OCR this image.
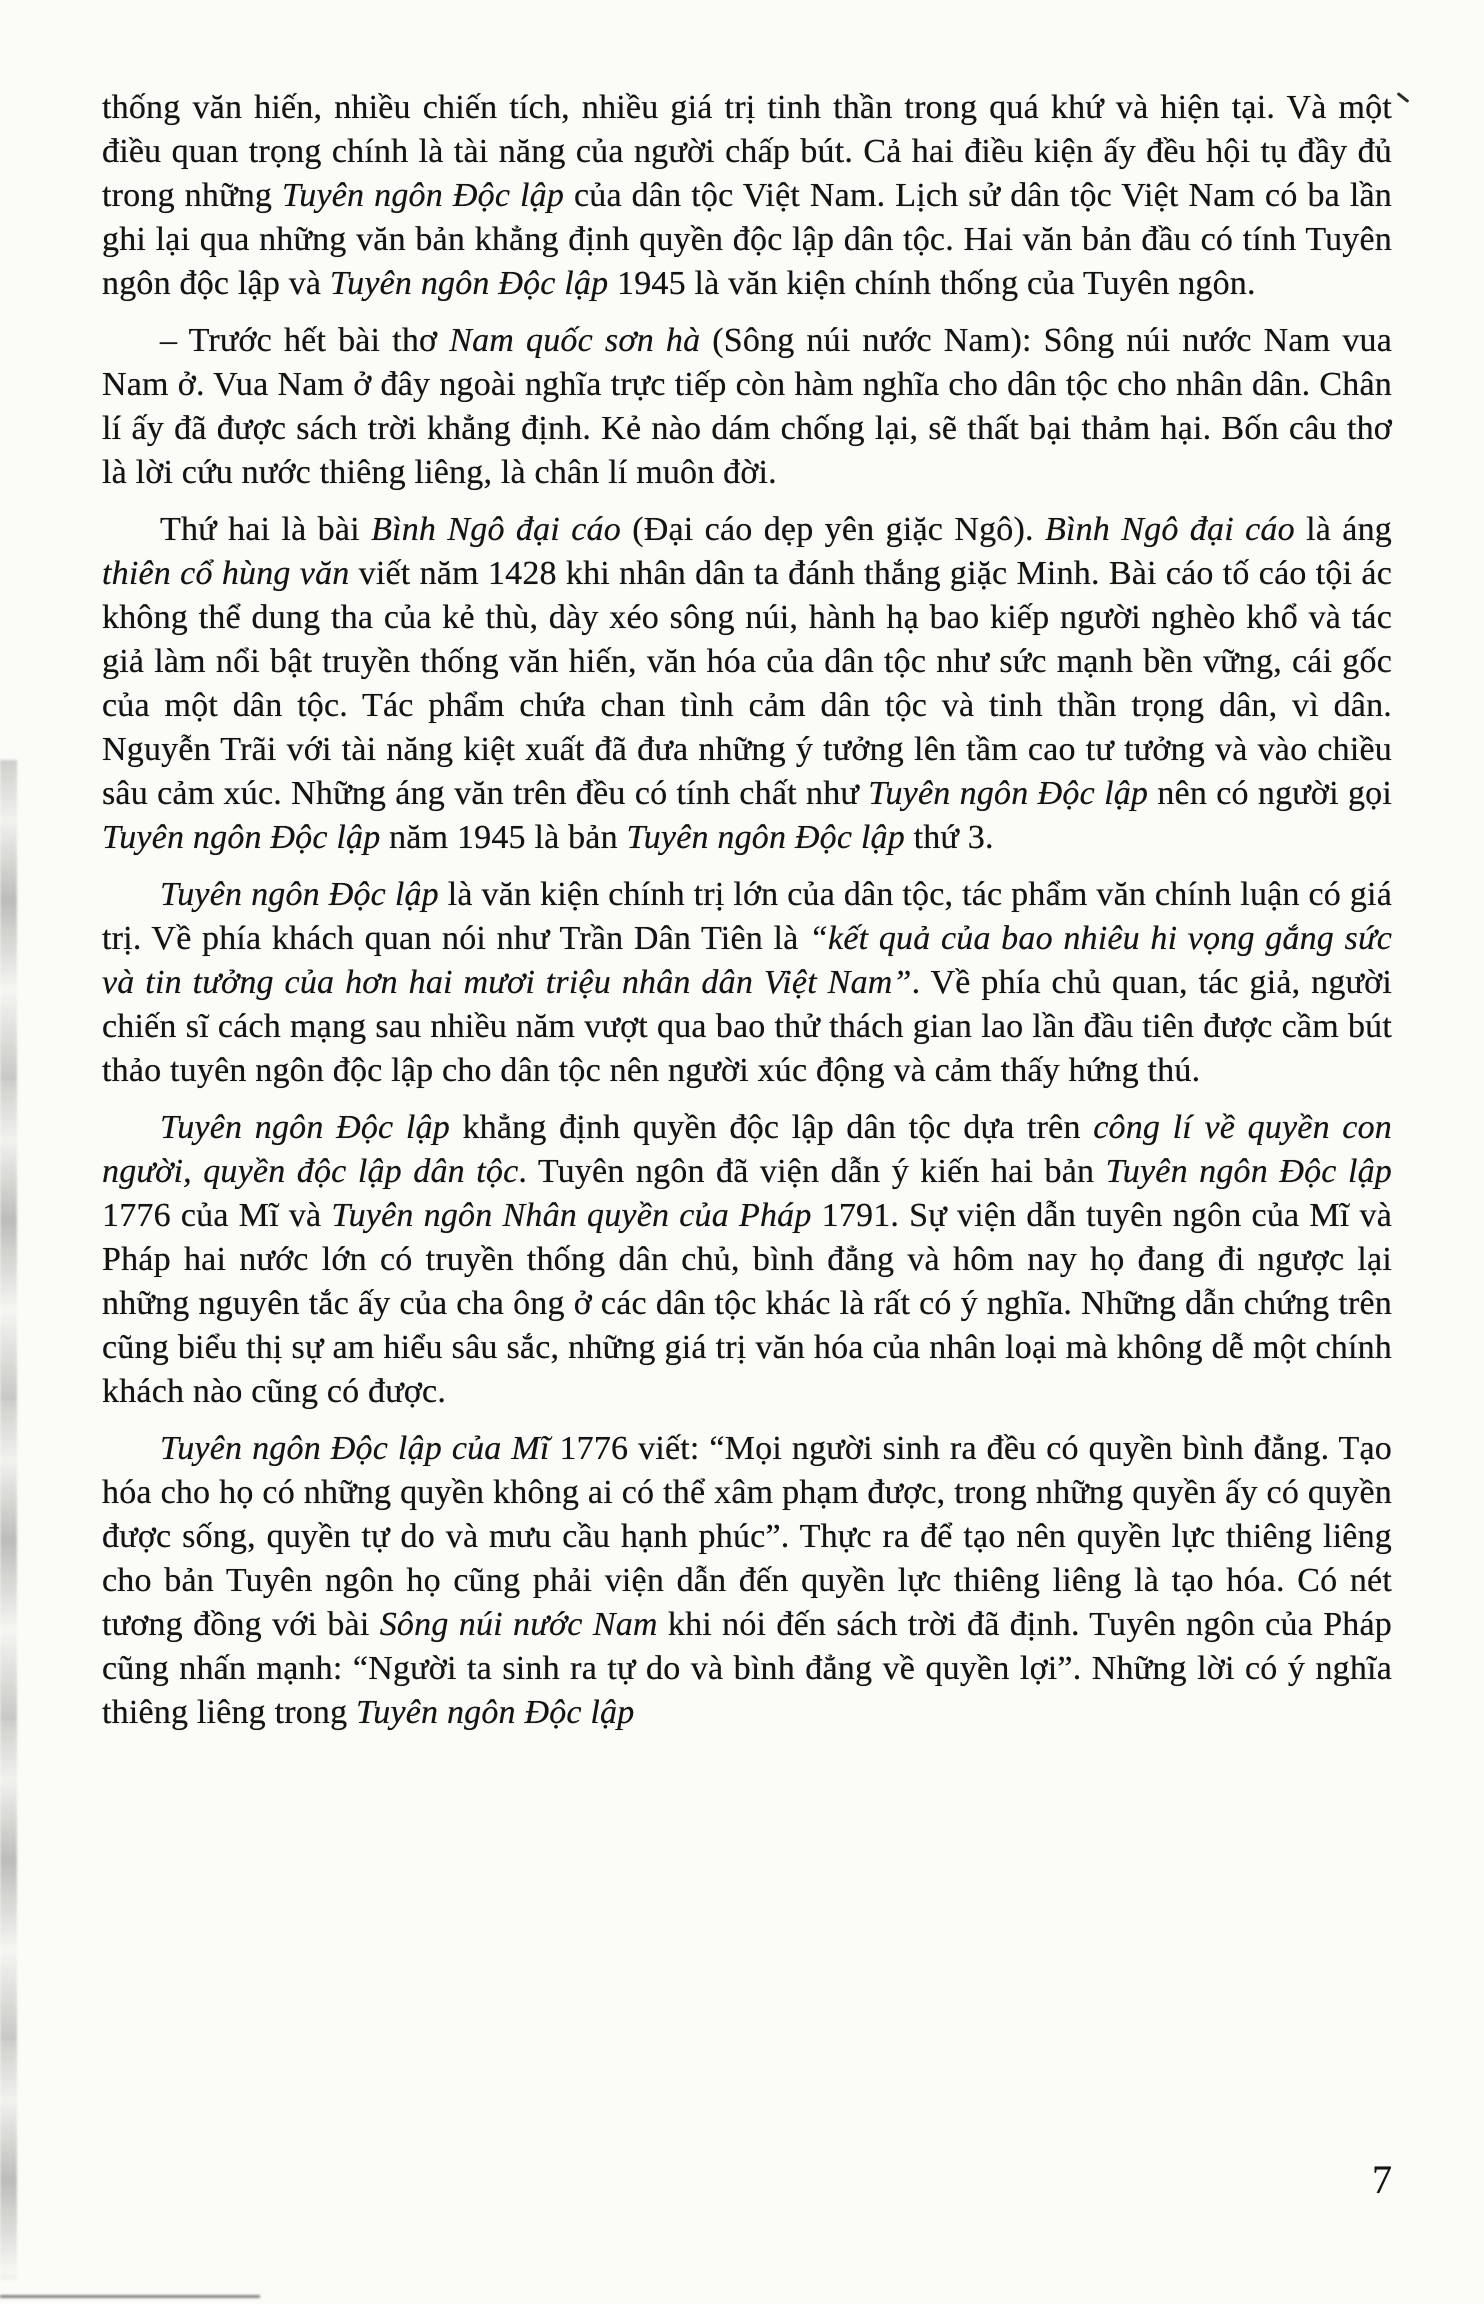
thống văn hiến, nhiều chiến tích, nhiều giá trị tinh thần trong quá khứ và hiện tại. Và một điều quan trọng chính là tài năng của người chấp bút. Cả hai điều kiện ấy đều hội tụ đầy đủ trong những Tuyên ngôn Độc lập của dân tộc Việt Nam. Lịch sử dân tộc Việt Nam có ba lần ghi lại qua những văn bản khẳng định quyền độc lập dân tộc. Hai văn bản đầu có tính Tuyên ngôn độc lập và Tuyên ngôn Độc lập 1945 là văn kiện chính thống của Tuyên ngôn.

– Trước hết bài thơ Nam quốc sơn hà (Sông núi nước Nam): Sông núi nước Nam vua Nam ở. Vua Nam ở đây ngoài nghĩa trực tiếp còn hàm nghĩa cho dân tộc cho nhân dân. Chân lí ấy đã được sách trời khẳng định. Kẻ nào dám chống lại, sẽ thất bại thảm hại. Bốn câu thơ là lời cứu nước thiêng liêng, là chân lí muôn đời.

Thứ hai là bài Bình Ngô đại cáo (Đại cáo dẹp yên giặc Ngô). Bình Ngô đại cáo là áng thiên cổ hùng văn viết năm 1428 khi nhân dân ta đánh thắng giặc Minh. Bài cáo tố cáo tội ác không thể dung tha của kẻ thù, dày xéo sông núi, hành hạ bao kiếp người nghèo khổ và tác giả làm nổi bật truyền thống văn hiến, văn hóa của dân tộc như sức mạnh bền vững, cái gốc của một dân tộc. Tác phẩm chứa chan tình cảm dân tộc và tinh thần trọng dân, vì dân. Nguyễn Trãi với tài năng kiệt xuất đã đưa những ý tưởng lên tầm cao tư tưởng và vào chiều sâu cảm xúc. Những áng văn trên đều có tính chất như Tuyên ngôn Độc lập nên có người gọi Tuyên ngôn Độc lập năm 1945 là bản Tuyên ngôn Độc lập thứ 3.

Tuyên ngôn Độc lập là văn kiện chính trị lớn của dân tộc, tác phẩm văn chính luận có giá trị. Về phía khách quan nói như Trần Dân Tiên là “kết quả của bao nhiêu hi vọng gắng sức và tin tưởng của hơn hai mươi triệu nhân dân Việt Nam”. Về phía chủ quan, tác giả, người chiến sĩ cách mạng sau nhiều năm vượt qua bao thử thách gian lao lần đầu tiên được cầm bút thảo tuyên ngôn độc lập cho dân tộc nên người xúc động và cảm thấy hứng thú.

Tuyên ngôn Độc lập khẳng định quyền độc lập dân tộc dựa trên công lí về quyền con người, quyền độc lập dân tộc. Tuyên ngôn đã viện dẫn ý kiến hai bản Tuyên ngôn Độc lập 1776 của Mĩ và Tuyên ngôn Nhân quyền của Pháp 1791. Sự viện dẫn tuyên ngôn của Mĩ và Pháp hai nước lớn có truyền thống dân chủ, bình đẳng và hôm nay họ đang đi ngược lại những nguyên tắc ấy của cha ông ở các dân tộc khác là rất có ý nghĩa. Những dẫn chứng trên cũng biểu thị sự am hiểu sâu sắc, những giá trị văn hóa của nhân loại mà không dễ một chính khách nào cũng có được.

Tuyên ngôn Độc lập của Mĩ 1776 viết: “Mọi người sinh ra đều có quyền bình đẳng. Tạo hóa cho họ có những quyền không ai có thể xâm phạm được, trong những quyền ấy có quyền được sống, quyền tự do và mưu cầu hạnh phúc”. Thực ra để tạo nên quyền lực thiêng liêng cho bản Tuyên ngôn họ cũng phải viện dẫn đến quyền lực thiêng liêng là tạo hóa. Có nét tương đồng với bài Sông núi nước Nam khi nói đến sách trời đã định. Tuyên ngôn của Pháp cũng nhấn mạnh: “Người ta sinh ra tự do và bình đẳng về quyền lợi”. Những lời có ý nghĩa thiêng liêng trong Tuyên ngôn Độc lập

7
